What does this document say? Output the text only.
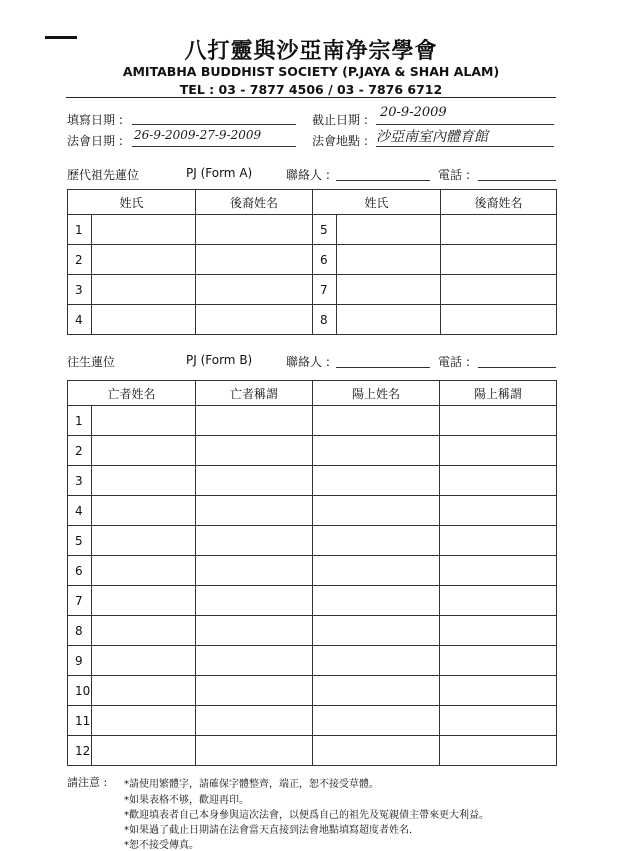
八打靈與沙亞南净宗學會
AMITABHA BUDDHIST SOCIETY (P.JAYA & SHAH ALAM)
TEL : 03 - 7877 4506 / 03 - 7876 6712
填寫日期 :	截止日期 : 20-9-2009
法會日期 : 26-9-2009-27-9-2009	法會地點 : 沙亞南室內體育館
歷代祖先蓮位	PJ (Form A)	聯絡人 :	電話 :
姓氏		後裔姓名	姓氏		後裔姓名
1			5		
2			6		
3			7		
4			8		
往生蓮位	PJ (Form B)	聯絡人 :	電話 :
亡者姓名		亡者稱謂	陽上姓名	陽上稱謂
1				
2				
3				
4				
5				
6				
7				
8				
9				
10				
11				
12				
請注意 : *請使用繁體字，請確保字體整齊，端正，恕不接受草體。
*如果表格不够，歡迎再印。
*歡迎填表者自己本身參與這次法會，以便爲自己的祖先及冤親債主帶來更大利益。
*如果過了截止日期請在法會當天直接到法會地點填寫超度者姓名.
*恕不接受傳真。
